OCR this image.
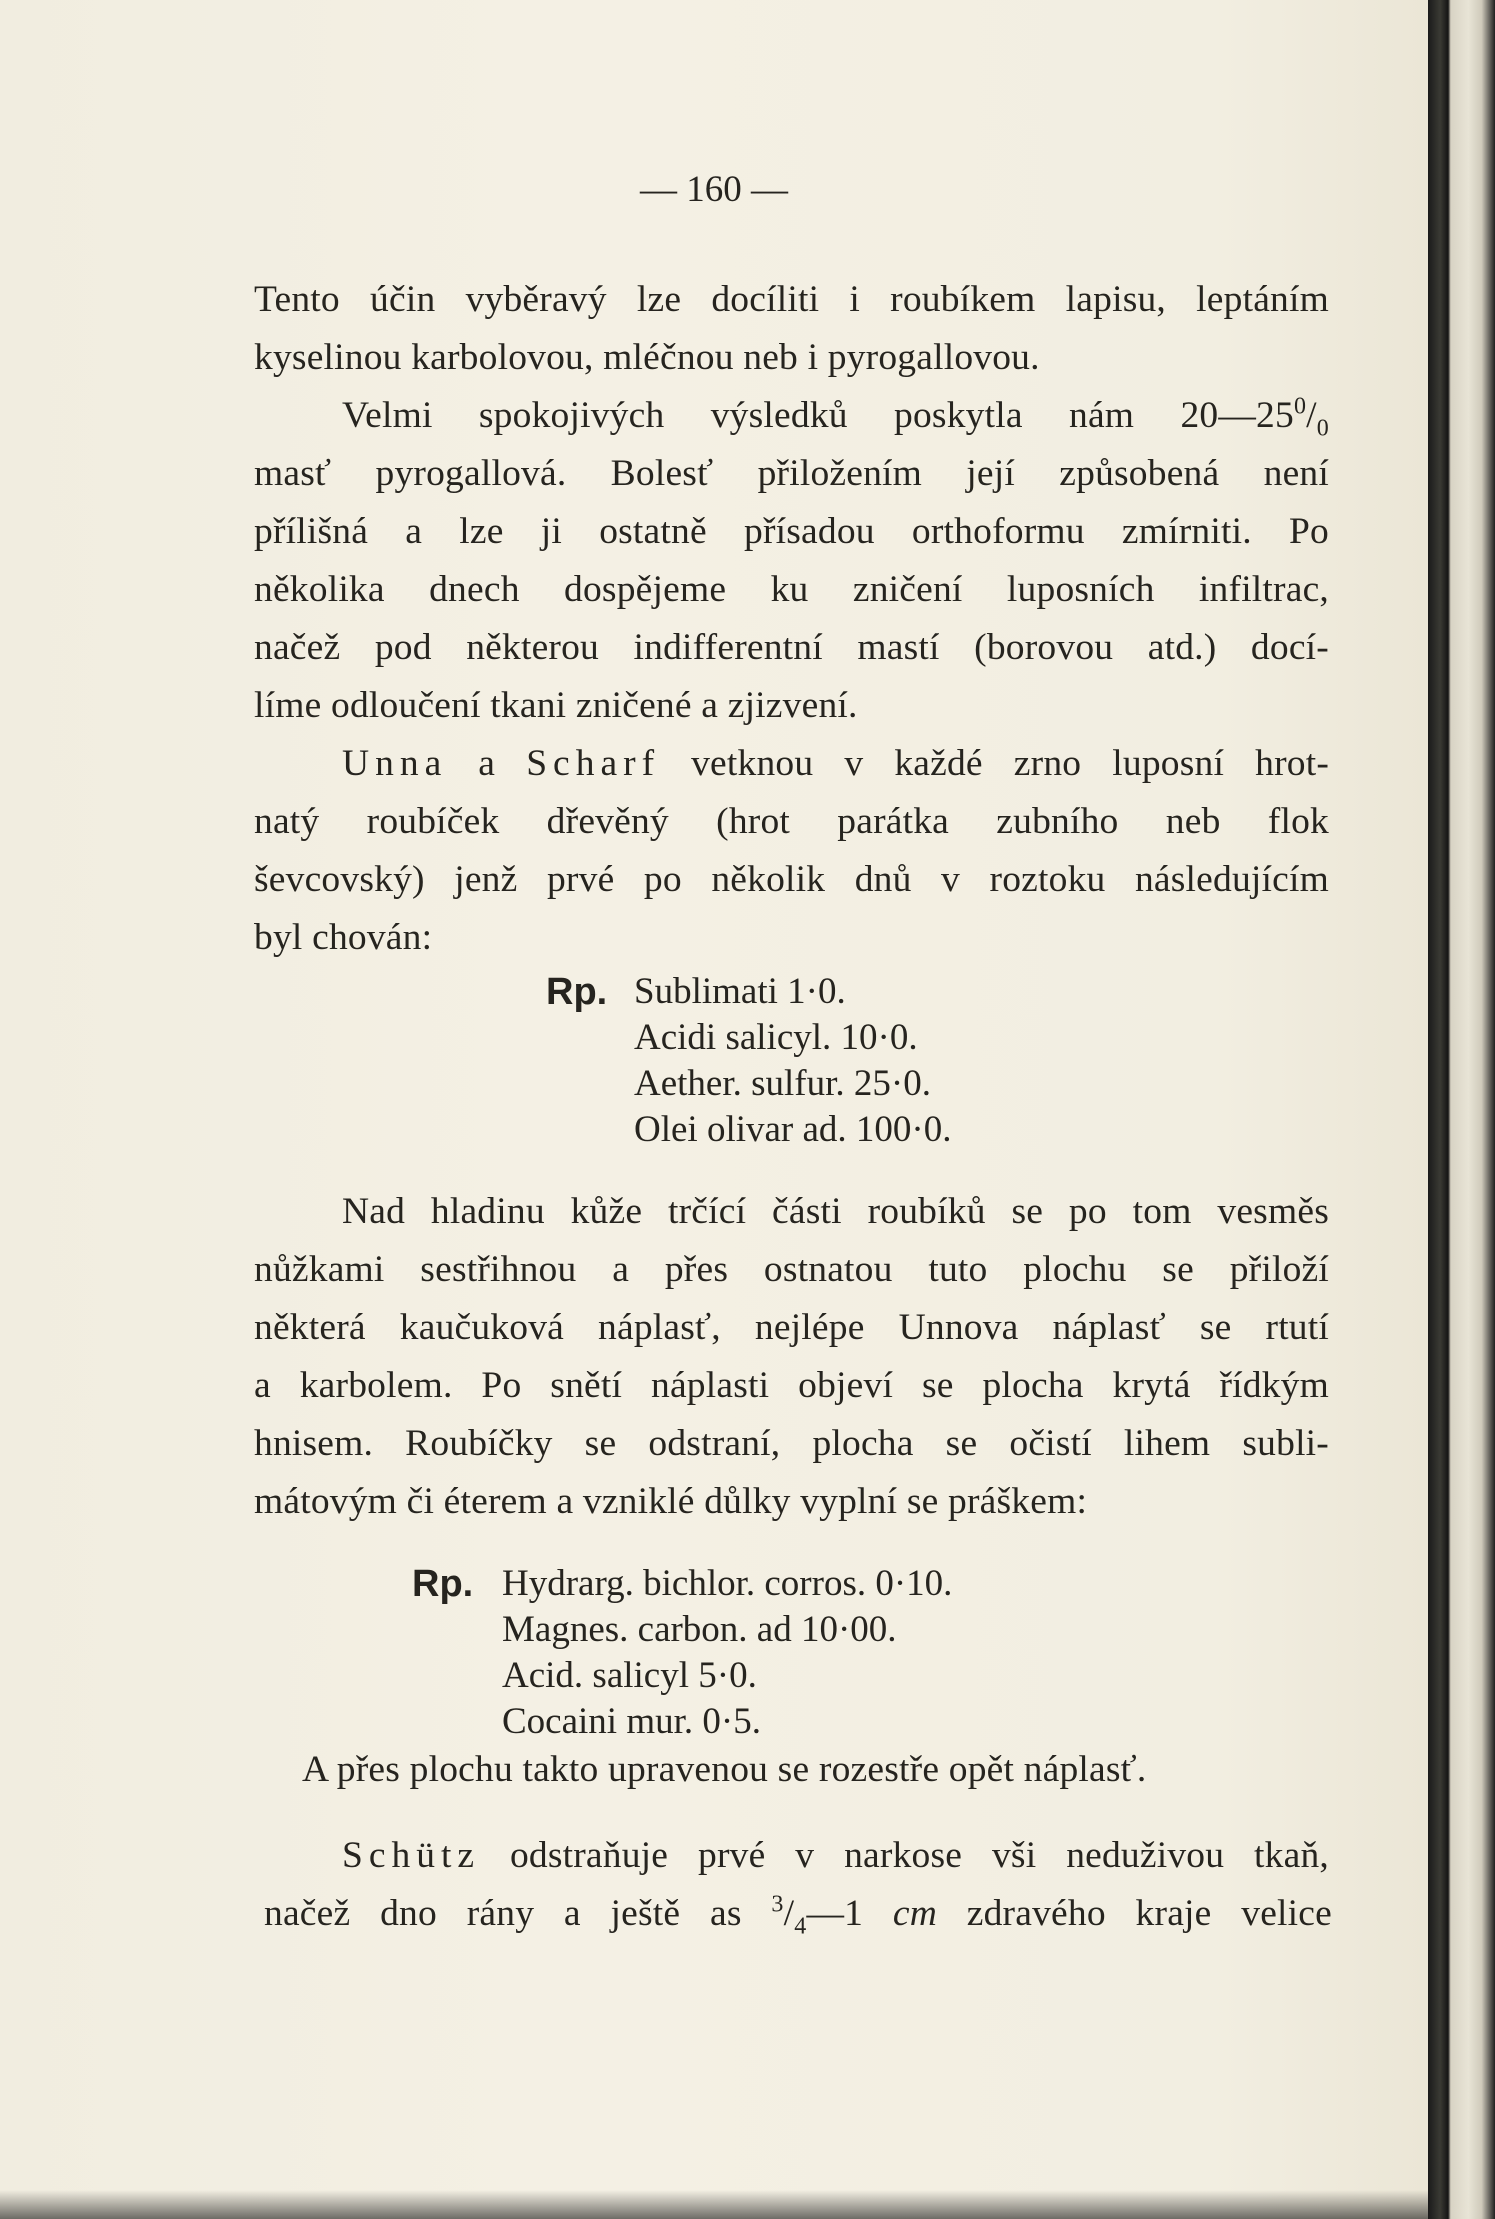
— 160 —
Tento účin vyběravý lze docíliti i roubíkem lapisu, leptáním
kyselinou karbolovou, mléčnou neb i pyrogallovou.
Velmi spokojivých výsledků poskytla nám $20—25^0/_0$
masť pyrogallová. Bolesť přiložením její způsobená není
přílišná a lze ji ostatně přísadou orthoformu zmírniti. Po
několika dnech dospějeme ku zničení luposních infiltrac,
načež pod některou indifferentní mastí (borovou atd.) docí-
líme odloučení tkani zničené a zjizvení.
Unna a Scharf vetknou v každé zrno luposní hrot-
natý roubíček dřevěný (hrot parátka zubního neb flok
ševcovský) jenž prvé po několik dnů v roztoku následujícím
byl chován:
Rp. Sublimati 1·0.
Acidi salicyl. 10·0.
Aether. sulfur. 25·0.
Olei olivar ad. 100·0.
Nad hladinu kůže trčící části roubíků se po tom vesměs
nůžkami sestřihnou a přes ostnatou tuto plochu se přiloží
některá kaučuková náplasť, nejlépe Unnova náplasť se rtutí
a karbolem. Po snětí náplasti objeví se plocha krytá řídkým
hnisem. Roubíčky se odstraní, plocha se očistí lihem subli-
mátovým či éterem a vzniklé důlky vyplní se práškem:
Rp. Hydrarg. bichlor. corros. 0·10.
Magnes. carbon. ad 10·00.
Acid. salicyl 5·0.
Cocaini mur. 0·5.
A přes plochu takto upravenou se rozestře opět náplasť.
Schütz odstraňuje prvé v narkose vši neduživou tkaň,
načež dno rány a ještě as $^3/_4—1$ cm zdravého kraje velice
